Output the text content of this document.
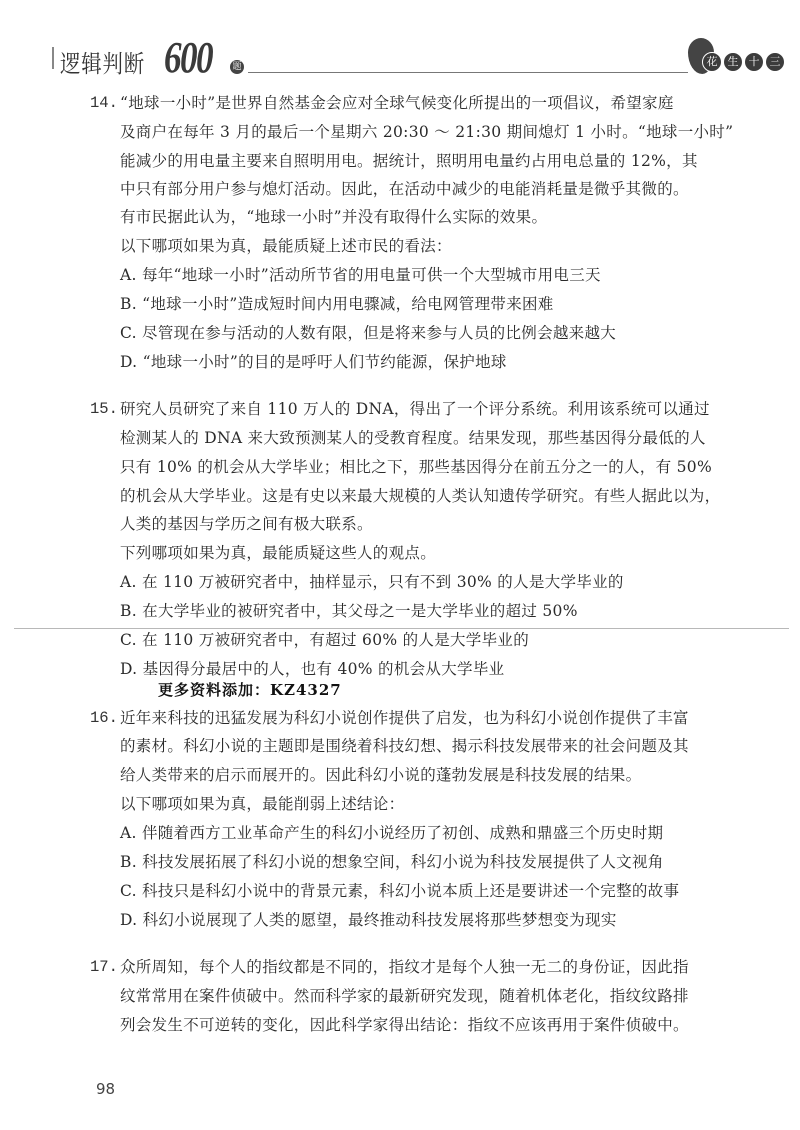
逻辑判断 600 题	花 生 十 三
14. “地球一小时”是世界自然基金会应对全球气候变化所提出的一项倡议，希望家庭
及商户在每年 3 月的最后一个星期六 20:30 ～ 21:30 期间熄灯 1 小时。“地球一小时”
能减少的用电量主要来自照明用电。据统计，照明用电量约占用电总量的 12%，其
中只有部分用户参与熄灯活动。因此，在活动中减少的电能消耗量是微乎其微的。
有市民据此认为，“地球一小时”并没有取得什么实际的效果。
以下哪项如果为真，最能质疑上述市民的看法：
A. 每年“地球一小时”活动所节省的用电量可供一个大型城市用电三天
B. “地球一小时”造成短时间内用电骤减，给电网管理带来困难
C. 尽管现在参与活动的人数有限，但是将来参与人员的比例会越来越大
D. “地球一小时”的目的是呼吁人们节约能源，保护地球
15. 研究人员研究了来自 110 万人的 DNA，得出了一个评分系统。利用该系统可以通过
检测某人的 DNA 来大致预测某人的受教育程度。结果发现，那些基因得分最低的人
只有 10% 的机会从大学毕业；相比之下，那些基因得分在前五分之一的人，有 50%
的机会从大学毕业。这是有史以来最大规模的人类认知遗传学研究。有些人据此以为，
人类的基因与学历之间有极大联系。
下列哪项如果为真，最能质疑这些人的观点。
A. 在 110 万被研究者中，抽样显示，只有不到 30% 的人是大学毕业的
B. 在大学毕业的被研究者中，其父母之一是大学毕业的超过 50%
C. 在 110 万被研究者中，有超过 60% 的人是大学毕业的
D. 基因得分最居中的人，也有 40% 的机会从大学毕业
更多资料添加：KZ4327
16. 近年来科技的迅猛发展为科幻小说创作提供了启发，也为科幻小说创作提供了丰富
的素材。科幻小说的主题即是围绕着科技幻想、揭示科技发展带来的社会问题及其
给人类带来的启示而展开的。因此科幻小说的蓬勃发展是科技发展的结果。
以下哪项如果为真，最能削弱上述结论：
A. 伴随着西方工业革命产生的科幻小说经历了初创、成熟和鼎盛三个历史时期
B. 科技发展拓展了科幻小说的想象空间，科幻小说为科技发展提供了人文视角
C. 科技只是科幻小说中的背景元素，科幻小说本质上还是要讲述一个完整的故事
D. 科幻小说展现了人类的愿望，最终推动科技发展将那些梦想变为现实
17. 众所周知，每个人的指纹都是不同的，指纹才是每个人独一无二的身份证，因此指
纹常常用在案件侦破中。然而科学家的最新研究发现，随着机体老化，指纹纹路排
列会发生不可逆转的变化，因此科学家得出结论：指纹不应该再用于案件侦破中。
98
